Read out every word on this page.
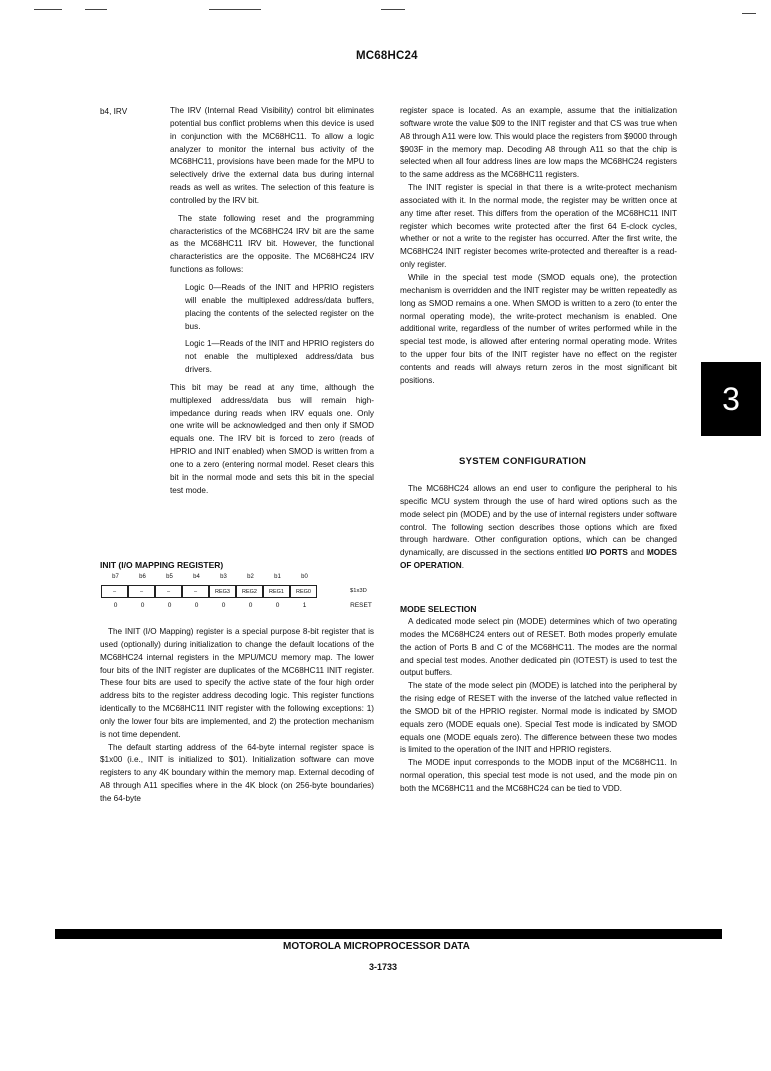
MC68HC24
3
b4, IRV	The IRV (Internal Read Visibility) control bit eliminates potential bus conflict problems when this device is used in conjunction with the MC68HC11. To allow a logic analyzer to monitor the internal bus activity of the MC68HC11, provisions have been made for the MPU to selectively drive the external data bus during internal reads as well as writes. The selection of this feature is controlled by the IRV bit.

The state following reset and the programming characteristics of the MC68HC24 IRV bit are the same as the MC68HC11 IRV bit. However, the functional characteristics are the opposite. The MC68HC24 IRV functions as follows:

Logic 0—Reads of the INIT and HPRIO registers will enable the multiplexed address/data buffers, placing the contents of the selected register on the bus.

Logic 1—Reads of the INIT and HPRIO registers do not enable the multiplexed address/data bus drivers.

This bit may be read at any time, although the multiplexed address/data bus will remain high-impedance during reads when IRV equals one. Only one write will be acknowledged and then only if SMOD equals one. The IRV bit is forced to zero (reads of HPRIO and INIT enabled) when SMOD is written from a one to a zero (entering normal model. Reset clears this bit in the normal mode and sets this bit in the special test mode.

INIT (I/O MAPPING REGISTER)
b7	b6	b5	b4	b3	b2	b1	b0
–	–	–	–	REG3	REG2	REG1	REG0	$1x3D
0	0	0	0	0	0	0	1	RESET

The INIT (I/O Mapping) register is a special purpose 8-bit register that is used (optionally) during initialization to change the default locations of the MC68HC24 internal registers in the MPU/MCU memory map. The lower four bits of the INIT register are duplicates of the MC68HC11 INIT register. These four bits are used to specify the active state of the four high order address bits to the register address decoding logic. This register functions identically to the MC68HC11 INIT register with the following exceptions: 1) only the lower four bits are implemented, and 2) the protection mechanism is not time dependent.

The default starting address of the 64-byte internal register space is $1x00 (i.e., INIT is initialized to $01). Initialization software can move registers to any 4K boundary within the memory map. External decoding of A8 through A11 specifies where in the 4K block (on 256-byte boundaries) the 64-byte

register space is located. As an example, assume that the initialization software wrote the value $09 to the INIT register and that CS was true when A8 through A11 were low. This would place the registers from $9000 through $903F in the memory map. Decoding A8 through A11 so that the chip is selected when all four address lines are low maps the MC68HC24 registers to the same address as the MC68HC11 registers.

The INIT register is special in that there is a write-protect mechanism associated with it. In the normal mode, the register may be written once at any time after reset. This differs from the operation of the MC68HC11 INIT register which becomes write protected after the first 64 E-clock cycles, whether or not a write to the register has occurred. After the first write, the MC68HC24 INIT register becomes write-protected and thereafter is a read-only register.

While in the special test mode (SMOD equals one), the protection mechanism is overridden and the INIT register may be written repeatedly as long as SMOD remains a one. When SMOD is written to a zero (to enter the normal operating mode), the write-protect mechanism is enabled. One additional write, regardless of the number of writes performed while in the special test mode, is allowed after entering normal operating mode. Writes to the upper four bits of the INIT register have no effect on the register contents and reads will always return zeros in the most significant bit positions.

SYSTEM CONFIGURATION

The MC68HC24 allows an end user to configure the peripheral to his specific MCU system through the use of hard wired options such as the mode select pin (MODE) and by the use of internal registers under software control. The following section describes those options which are fixed through hardware. Other configuration options, which can be changed dynamically, are discussed in the sections entitled I/O PORTS and MODES OF OPERATION.

MODE SELECTION

A dedicated mode select pin (MODE) determines which of two operating modes the MC68HC24 enters out of RESET. Both modes properly emulate the action of Ports B and C of the MC68HC11. The modes are the normal and special test modes. Another dedicated pin (IOTEST) is used to test the output buffers.

The state of the mode select pin (MODE) is latched into the peripheral by the rising edge of RESET with the inverse of the latched value reflected in the SMOD bit of the HPRIO register. Normal mode is indicated by SMOD equals zero (MODE equals one). Special Test mode is indicated by SMOD equals one (MODE equals zero). The difference between these two modes is limited to the operation of the INIT and HPRIO registers.

The MODE input corresponds to the MODB input of the MC68HC11. In normal operation, this special test mode is not used, and the mode pin on both the MC68HC11 and the MC68HC24 can be tied to VDD.

MOTOROLA MICROPROCESSOR DATA
3-1733
